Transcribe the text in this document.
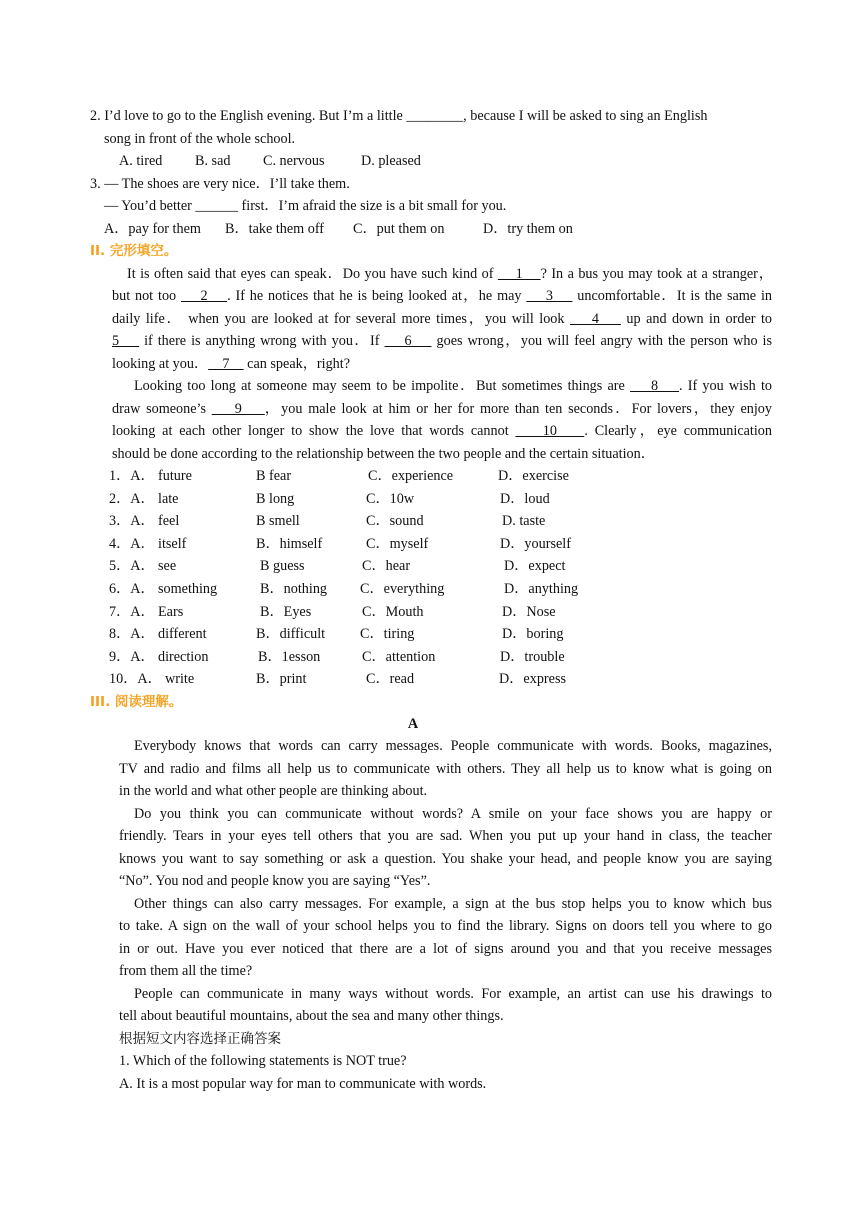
2. I’d love to go to the English evening. But I’m a little ________, because I will be asked to sing an English
song in front of the whole school.
A. tired B. sad C. nervous	D. pleased
3. — The shoes are very nice．I’ll take them.
— You’d better ______ first．I’m afraid the size is a bit small for you.
A．pay for them B．take them off C．put them on	D．try them on
II. 完形填空。
It is often said that eyes can speak．Do you have such kind of     1    ? In a bus you may took at a stranger，
but not too     2    . If he notices that he is being looked at，he may     3     uncomfortable．It is the same in
daily life． when you are looked at for several more times，you will look     4     up and down in order to
5     if there is anything wrong with you．If     6     goes wrong，you will feel angry with the person who is
looking at you．    7     can speak，right?
Looking too long at someone may seem to be impolite．But sometimes things are     8    . If you wish to
draw someone’s     9    ，you male look at him or her for more than ten seconds．For lovers，they enjoy
looking at each other longer to show the love that words cannot     10    . Clearly，eye communication
should be done according to the relationship between the two people and the certain situation．
1．A． future	B fear	C．experience	D．exercise
2．A． late	B long	C．10w	D．loud
3．A． feel	B smell	C．sound	D. taste
4．A． itself	B．himself	C．myself	D．yourself
5．A． see	B guess	C．hear	D．expect
6．A． something	B．nothing C．everything	D．anything
7．A． Ears	B．Eyes	C．Mouth	D．Nose
8．A． different	B．difficult C．tiring	D．boring
9．A． direction	B．1esson	C．attention	D．trouble
10．A． write	B．print	C．read	D．express
III. 阅读理解。
A
Everybody knows that words can carry messages. People communicate with words. Books, magazines,
TV and radio and films all help us to communicate with others. They all help us to know what is going on
in the world and what other people are thinking about.
Do you think you can communicate without words? A smile on your face shows you are happy or
friendly. Tears in your eyes tell others that you are sad. When you put up your hand in class, the teacher
knows you want to say something or ask a question. You shake your head, and people know you are saying
“No”. You nod and people know you are saying “Yes”.
Other things can also carry messages. For example, a sign at the bus stop helps you to know which bus
to take. A sign on the wall of your school helps you to find the library. Signs on doors tell you where to go
in or out. Have you ever noticed that there are a lot of signs around you and that you receive messages
from them all the time?
People can communicate in many ways without words. For example, an artist can use his drawings to
tell about beautiful mountains, about the sea and many other things.
根据短文内容选择正确答案
1. Which of the following statements is NOT true?
A. It is a most popular way for man to communicate with words.
